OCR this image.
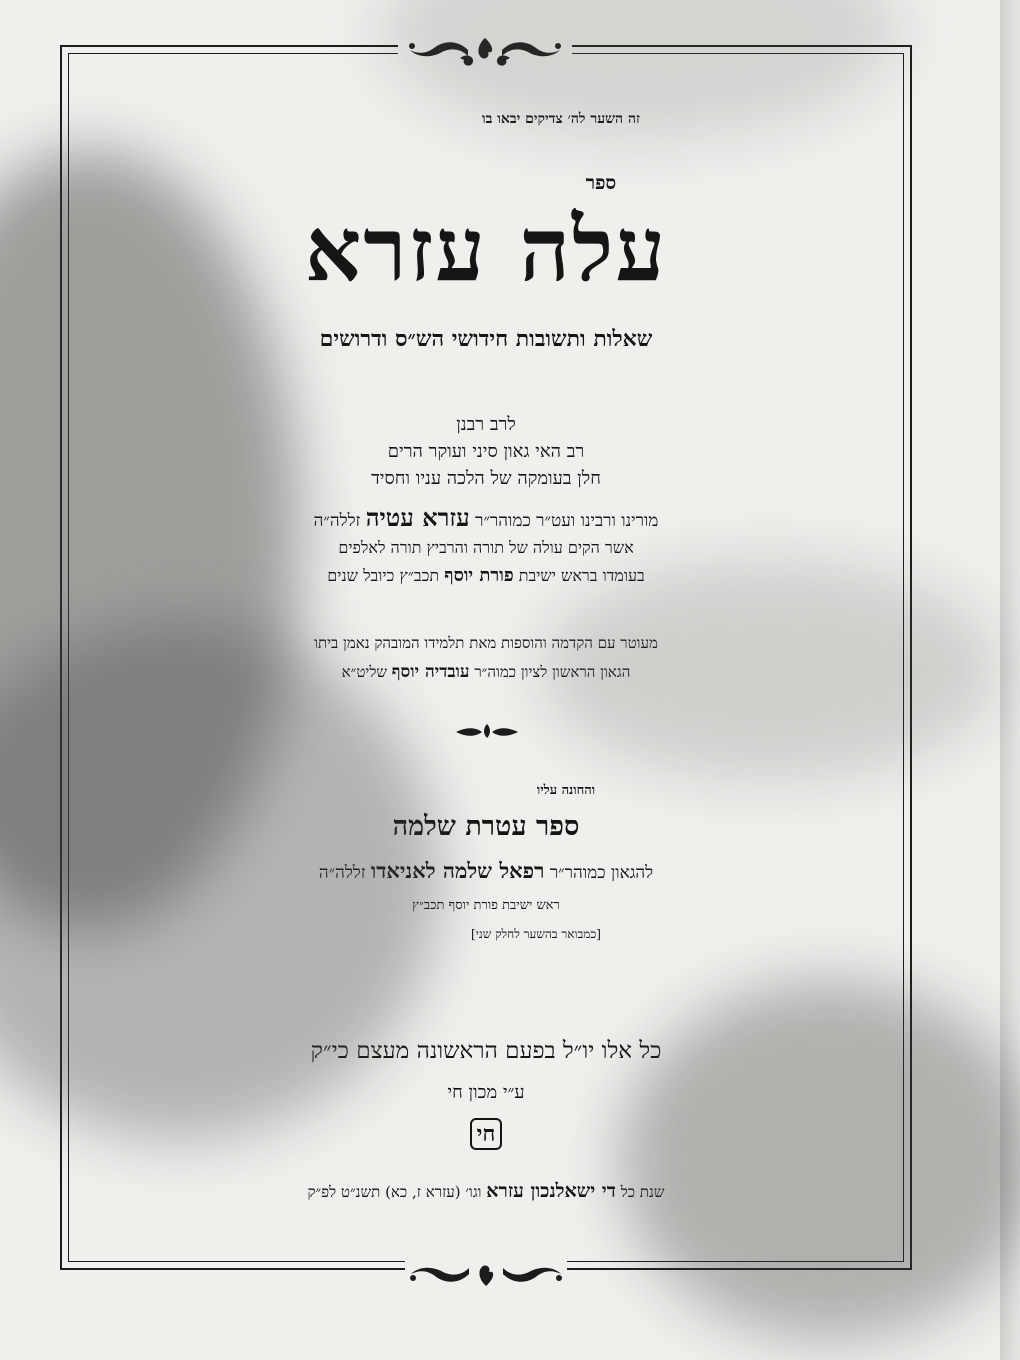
זה השער לה׳ צדיקים יבאו בו
ספר
עלה עזרא
שאלות ותשובות חידושי הש״ס ודרושים
לרב רבנן
רב האי גאון סיני ועוקר הרים
חלן בעומקה של הלכה עניו וחסיד
מורינו ורבינו ועט״ר כמוהר״ר עזרא עטיה זללה״ה
אשר הקים עולה של תורה והרביץ תורה לאלפים
בעומדו בראש ישיבת פורת יוסף תכב״ץ כיובל שנים
מעוטר עם הקדמה והוספות מאת תלמידו המובהק נאמן ביתו
הגאון הראשון לציון כמוה״ר עובדיה יוסף שליט״א
והחונה עליו
ספר עטרת שלמה
להגאון כמוהר״ר רפאל שלמה לאניאדו זללה״ה
ראש ישיבת פורת יוסף תכב״ץ
[כמבואר בהשער לחלק שני]
כל אלו יו״ל בפעם הראשונה מעצם כי״ק
ע״י מכון חי
חי
שנת כל די ישאלנכון עזרא וגו׳ (עזרא ז, כא) תשנ״ט לפ״ק
